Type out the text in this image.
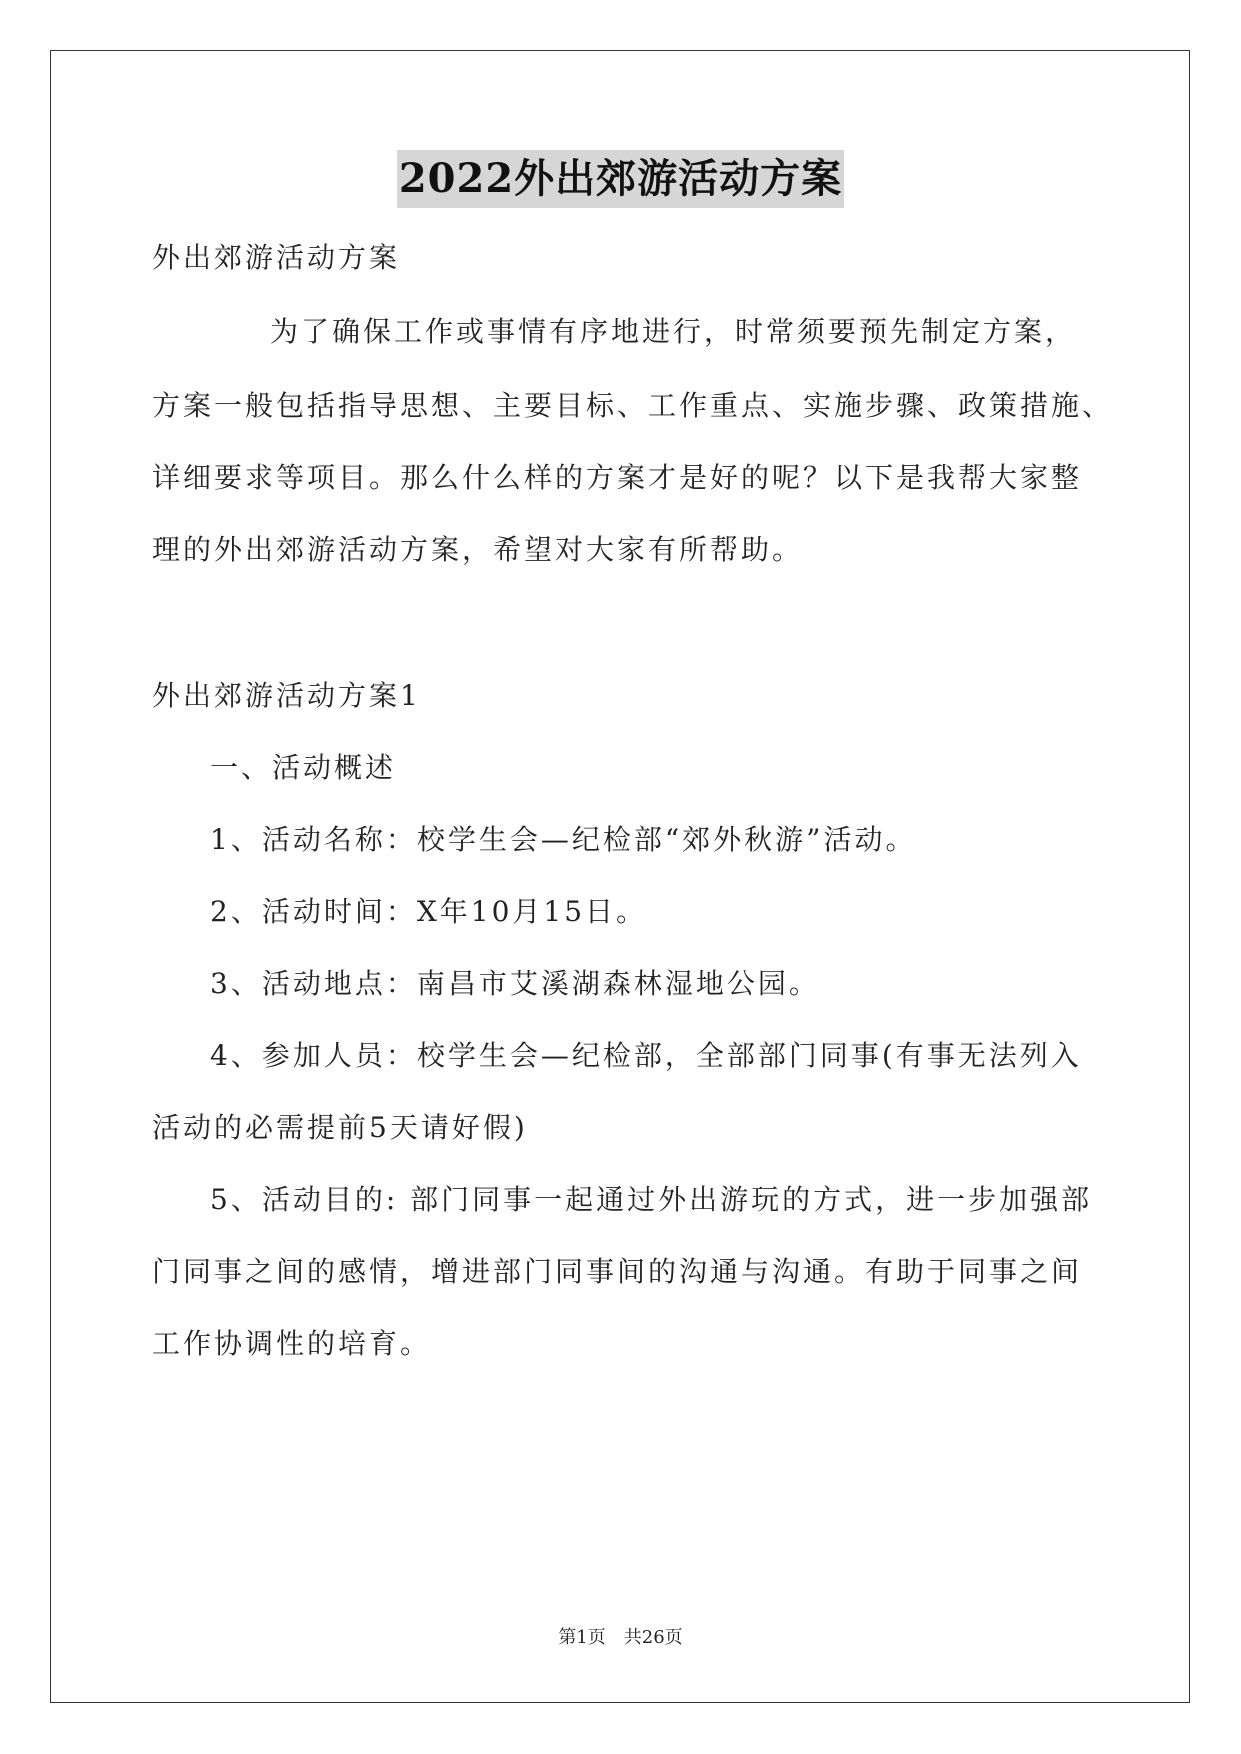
2022外出郊游活动方案
外出郊游活动方案
为了确保工作或事情有序地进行，时常须要预先制定方案，
方案一般包括指导思想、主要目标、工作重点、实施步骤、政策措施、
详细要求等项目。那么什么样的方案才是好的呢？以下是我帮大家整
理的外出郊游活动方案，希望对大家有所帮助。
外出郊游活动方案1
一、活动概述
1、活动名称：校学生会—纪检部“郊外秋游”活动。
2、活动时间：X年10月15日。
3、活动地点：南昌市艾溪湖森林湿地公园。
4、参加人员：校学生会—纪检部，全部部门同事(有事无法列入
活动的必需提前5天请好假)
5、活动目的: 部门同事一起通过外出游玩的方式，进一步加强部
门同事之间的感情，增进部门同事间的沟通与沟通。有助于同事之间
工作协调性的培育。
第1页　共26页
